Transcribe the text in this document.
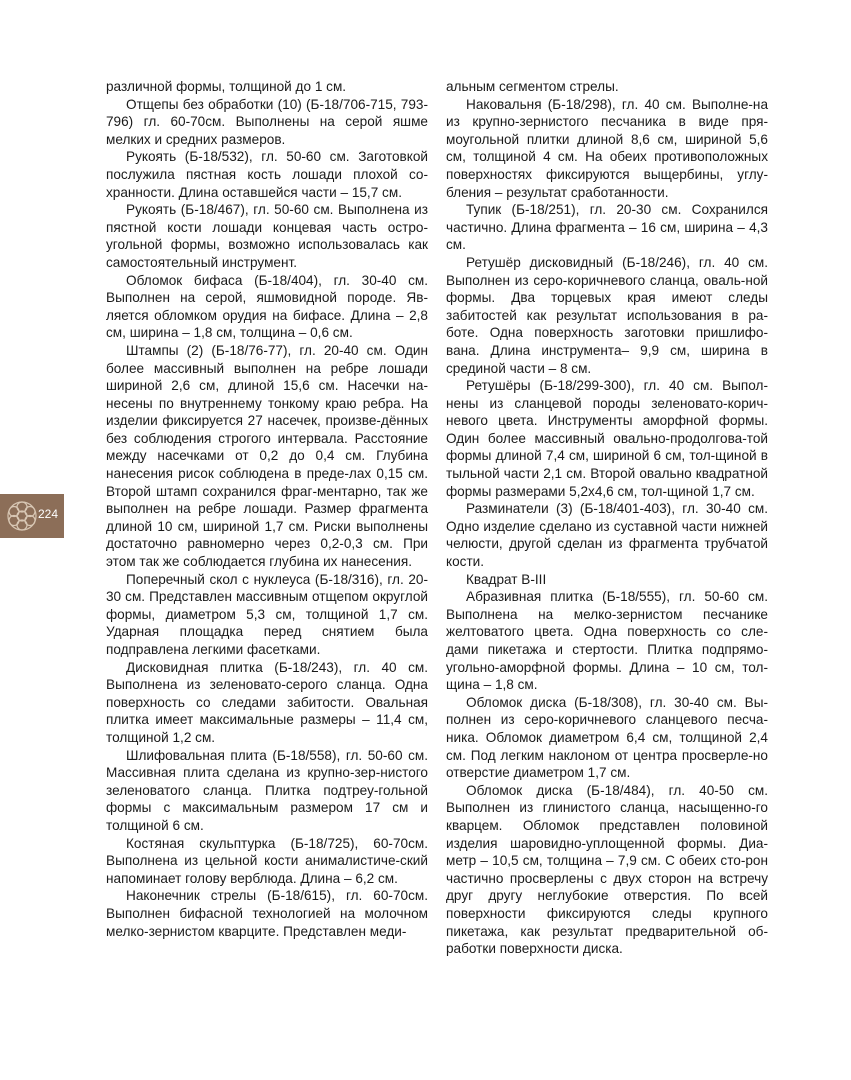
224

различной формы, толщиной до 1 см.

Отщепы без обработки (10) (Б-18/706-715, 793-796) гл. 60-70см. Выполнены на серой яшме мелких и средних размеров.

Рукоять (Б-18/532), гл. 50-60 см. Заготовкой послужила пястная кость лошади плохой со-хранности. Длина оставшейся части – 15,7 см.

Рукоять (Б-18/467), гл. 50-60 см. Выполнена из пястной кости лошади концевая часть остро-угольной формы, возможно использовалась как самостоятельный инструмент.

Обломок бифаса (Б-18/404), гл. 30-40 см. Выполнен на серой, яшмовидной породе. Яв-ляется обломком орудия на бифасе. Длина – 2,8 см, ширина – 1,8 см, толщина – 0,6 см.

Штампы (2) (Б-18/76-77), гл. 20-40 см. Один более массивный выполнен на ребре лошади шириной 2,6 см, длиной 15,6 см. Насечки на-несены по внутреннему тонкому краю ребра. На изделии фиксируется 27 насечек, произве-дённых без соблюдения строгого интервала. Расстояние между насечками от 0,2 до 0,4 см. Глубина нанесения рисок соблюдена в преде-лах 0,15 см. Второй штамп сохранился фраг-ментарно, так же выполнен на ребре лошади. Размер фрагмента длиной 10 см, шириной 1,7 см. Риски выполнены достаточно равномерно через 0,2-0,3 см. При этом так же соблюдается глубина их нанесения.

Поперечный скол с нуклеуса (Б-18/316), гл. 20-30 см. Представлен массивным отщепом округлой формы, диаметром 5,3 см, толщиной 1,7 см. Ударная площадка перед снятием была подправлена легкими фасетками.

Дисковидная плитка (Б-18/243), гл. 40 см. Выполнена из зеленовато-серого сланца. Одна поверхность со следами забитости. Овальная плитка имеет максимальные размеры – 11,4 см, толщиной 1,2 см.

Шлифовальная плита (Б-18/558), гл. 50-60 см. Массивная плита сделана из крупно-зер-нистого зеленоватого сланца. Плитка подтреу-гольной формы с максимальным размером 17 см и толщиной 6 см.

Костяная скульптурка (Б-18/725), 60-70см. Выполнена из цельной кости анималистиче-ский напоминает голову верблюда. Длина – 6,2 см.

Наконечник стрелы (Б-18/615), гл. 60-70см. Выполнен бифасной технологией на молочном мелко-зернистом кварците. Представлен меди-

альным сегментом стрелы.

Наковальня (Б-18/298), гл. 40 см. Выполне-на из крупно-зернистого песчаника в виде пря-моугольной плитки длиной 8,6 см, шириной 5,6 см, толщиной 4 см. На обеих противоположных поверхностях фиксируются выщербины, углу-бления – результат сработанности.

Тупик (Б-18/251), гл. 20-30 см. Сохранился частично. Длина фрагмента – 16 см, ширина – 4,3 см.

Ретушёр дисковидный (Б-18/246), гл. 40 см. Выполнен из серо-коричневого сланца, оваль-ной формы. Два торцевых края имеют следы забитостей как результат использования в ра-боте. Одна поверхность заготовки пришлифо-вана. Длина инструмента– 9,9 см, ширина в срединой части – 8 см.

Ретушёры (Б-18/299-300), гл. 40 см. Выпол-нены из сланцевой породы зеленовато-корич-невого цвета. Инструменты аморфной формы. Один более массивный овально-продолгова-той формы длиной 7,4 см, шириной 6 см, тол-щиной в тыльной части 2,1 см. Второй овально квадратной формы размерами 5,2х4,6 см, тол-щиной 1,7 см.

Разминатели (3) (Б-18/401-403), гл. 30-40 см. Одно изделие сделано из суставной части нижней челюсти, другой сделан из фрагмента трубчатой кости.

Квадрат В-III

Абразивная плитка (Б-18/555), гл. 50-60 см. Выполнена на мелко-зернистом песчанике желтоватого цвета. Одна поверхность со сле-дами пикетажа и стертости. Плитка подпрямо-угольно-аморфной формы. Длина – 10 см, тол-щина – 1,8 см.

Обломок диска (Б-18/308), гл. 30-40 см. Вы-полнен из серо-коричневого сланцевого песча-ника. Обломок диаметром 6,4 см, толщиной 2,4 см. Под легким наклоном от центра просверле-но отверстие диаметром 1,7 см.

Обломок диска (Б-18/484), гл. 40-50 см. Выполнен из глинистого сланца, насыщенно-го кварцем. Обломок представлен половиной изделия шаровидно-уплощенной формы. Диа-метр – 10,5 см, толщина – 7,9 см. С обеих сто-рон частично просверлены с двух сторон на встречу друг другу неглубокие отверстия. По всей поверхности фиксируются следы крупного пикетажа, как результат предварительной об-работки поверхности диска.
